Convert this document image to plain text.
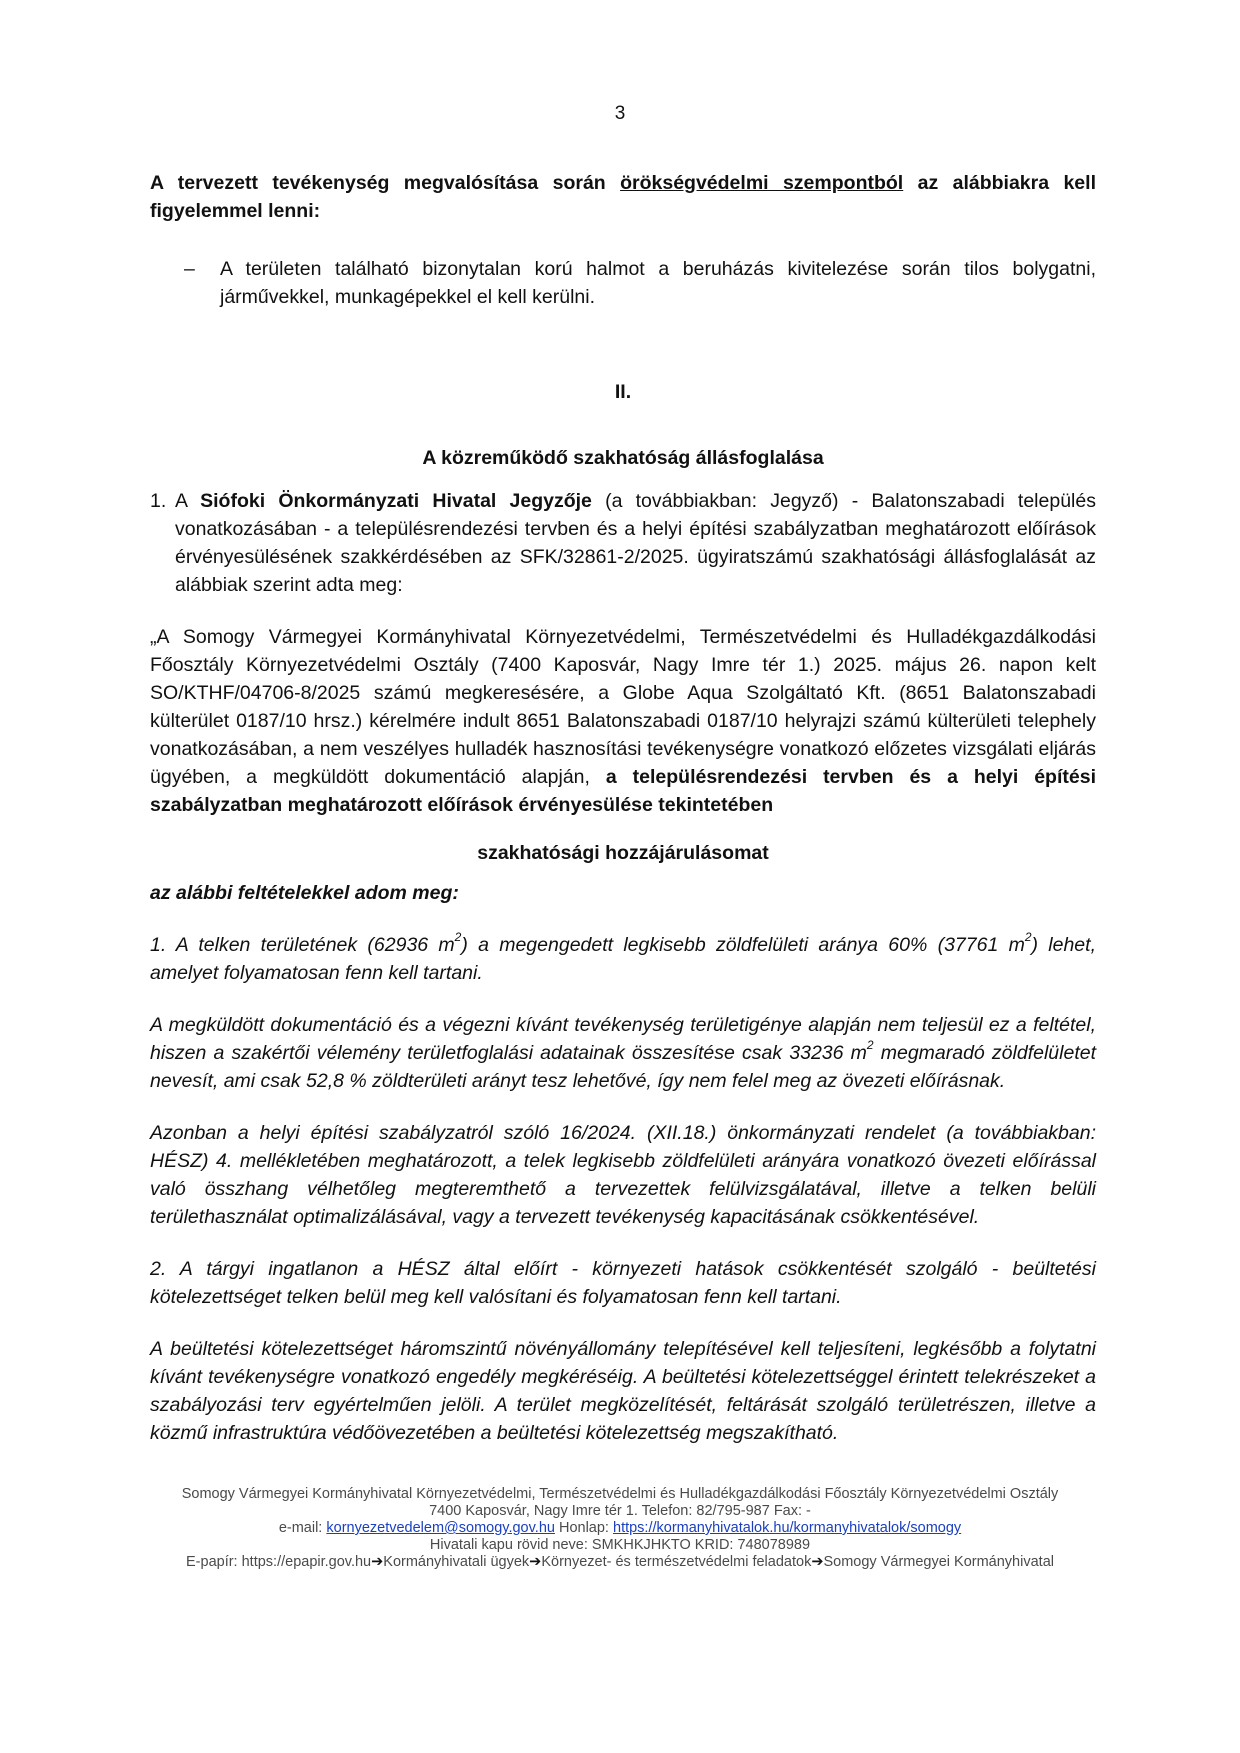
3

A tervezett tevékenység megvalósítása során örökségvédelmi szempontból az alábbiakra kell figyelemmel lenni:

–	A területen található bizonytalan korú halmot a beruházás kivitelezése során tilos bolygatni, járművekkel, munkagépekkel el kell kerülni.

II.

A közreműködő szakhatóság állásfoglalása

1. A Siófoki Önkormányzati Hivatal Jegyzője (a továbbiakban: Jegyző) - Balatonszabadi település vonatkozásában - a településrendezési tervben és a helyi építési szabályzatban meghatározott előírások érvényesülésének szakkérdésében az SFK/32861-2/2025. ügyiratszámú szakhatósági állásfoglalását az alábbiak szerint adta meg:

„A Somogy Vármegyei Kormányhivatal Környezetvédelmi, Természetvédelmi és Hulladékgazdálkodási Főosztály Környezetvédelmi Osztály (7400 Kaposvár, Nagy Imre tér 1.) 2025. május 26. napon kelt SO/KTHF/04706-8/2025 számú megkeresésére, a Globe Aqua Szolgáltató Kft. (8651 Balatonszabadi külterület 0187/10 hrsz.) kérelmére indult 8651 Balatonszabadi 0187/10 helyrajzi számú külterületi telephely vonatkozásában, a nem veszélyes hulladék hasznosítási tevékenységre vonatkozó előzetes vizsgálati eljárás ügyében, a megküldött dokumentáció alapján, a településrendezési tervben és a helyi építési szabályzatban meghatározott előírások érvényesülése tekintetében

szakhatósági hozzájárulásomat

az alábbi feltételekkel adom meg:

1. A telken területének (62936 $m^2$) a megengedett legkisebb zöldfelületi aránya 60% (37761 $m^2$) lehet, amelyet folyamatosan fenn kell tartani.

A megküldött dokumentáció és a végezni kívánt tevékenység területigénye alapján nem teljesül ez a feltétel, hiszen a szakértői vélemény területfoglalási adatainak összesítése csak 33236 $m^2$ megmaradó zöldfelületet nevesít, ami csak 52,8 % zöldterületi arányt tesz lehetővé, így nem felel meg az övezeti előírásnak.

Azonban a helyi építési szabályzatról szóló 16/2024. (XII.18.) önkormányzati rendelet (a továbbiakban: HÉSZ) 4. mellékletében meghatározott, a telek legkisebb zöldfelületi arányára vonatkozó övezeti előírással való összhang vélhetőleg megteremthető a tervezettek felülvizsgálatával, illetve a telken belüli területhasználat optimalizálásával, vagy a tervezett tevékenység kapacitásának csökkentésével.

2. A tárgyi ingatlanon a HÉSZ által előírt - környezeti hatások csökkentését szolgáló - beültetési kötelezettséget telken belül meg kell valósítani és folyamatosan fenn kell tartani.

A beültetési kötelezettséget háromszintű növényállomány telepítésével kell teljesíteni, legkésőbb a folytatni kívánt tevékenységre vonatkozó engedély megkéréséig. A beültetési kötelezettséggel érintett telekrészeket a szabályozási terv egyértelműen jelöli. A terület megközelítését, feltárását szolgáló területrészen, illetve a közmű infrastruktúra védőövezetében a beültetési kötelezettség megszakítható.

Somogy Vármegyei Kormányhivatal Környezetvédelmi, Természetvédelmi és Hulladékgazdálkodási Főosztály Környezetvédelmi Osztály
7400 Kaposvár, Nagy Imre tér 1. Telefon: 82/795-987 Fax: -
e-mail: kornyezetvedelem@somogy.gov.hu Honlap: https://kormanyhivatalok.hu/kormanyhivatalok/somogy
Hivatali kapu rövid neve: SMKHKJHKTO KRID: 748078989
E-papír: https://epapir.gov.hu➔Kormányhivatali ügyek➔Környezet- és természetvédelmi feladatok➔Somogy Vármegyei Kormányhivatal
